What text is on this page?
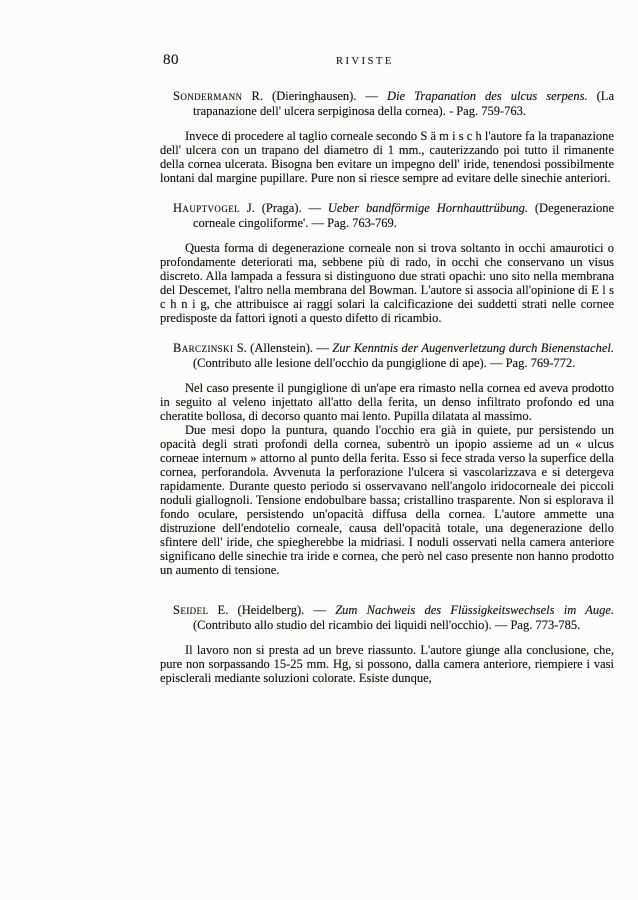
80	RIVISTE

Sondermann R. (Dieringhausen). — Die Trapanation des ulcus serpens. (La trapanazione dell' ulcera serpiginosa della cornea). - Pag. 759-763.

Invece di procedere al taglio corneale secondo S ä m i s c h l'autore fa la trapanazione dell' ulcera con un trapano del diametro di 1 mm., cauterizzando poi tutto il rimanente della cornea ulcerata. Bisogna ben evitare un impegno dell' iride, tenendosi possibilmente lontani dal margine pupillare. Pure non si riesce sempre ad evitare delle sinechie anteriori.

Hauptvogel J. (Praga). — Ueber bandförmige Hornhauttrübung. (Degenerazione corneale cingoliforme'. — Pag. 763-769.

Questa forma di degenerazione corneale non si trova soltanto in occhi amaurotici o profondamente deteriorati ma, sebbene più di rado, in occhi che conservano un visus discreto. Alla lampada a fessura si distinguono due strati opachi: uno sito nella membrana del Descemet, l'altro nella membrana del Bowman. L'autore si associa all'opinione di E l s c h n i g, che attribuisce ai raggi solari la calcificazione dei suddetti strati nelle cornee predisposte da fattori ignoti a questo difetto di ricambio.

Barczinski S. (Allenstein). — Zur Kenntnis der Augenverletzung durch Bienenstachel. (Contributo alle lesione dell'occhio da pungiglione di ape). — Pag. 769-772.

Nel caso presente il pungiglione di un'ape era rimasto nella cornea ed aveva prodotto in seguito al veleno injettato all'atto della ferita, un denso infiltrato profondo ed una cheratite bollosa, di decorso quanto mai lento. Pupilla dilatata al massimo.

Due mesi dopo la puntura, quando l'occhio era già in quiete, pur persistendo un opacità degli strati profondi della cornea, subentrò un ipopio assieme ad un « ulcus corneae internum » attorno al punto della ferita. Esso si fece strada verso la superfice della cornea, perforandola. Avvenuta la perforazione l'ulcera si vascolarizzava e si detergeva rapidamente. Durante questo periodo si osservavano nell'angolo iridocorneale dei piccoli noduli giallognoli. Tensione endobulbare bassa; cristallino trasparente. Non si esplorava il fondo oculare, persistendo un'opacità diffusa della cornea. L'autore ammette una distruzione dell'endotelio corneale, causa dell'opacità totale, una degenerazione dello sfintere dell' iride, che spiegherebbe la midriasi. I noduli osservati nella camera anteriore significano delle sinechie tra iride e cornea, che però nel caso presente non hanno prodotto un aumento di tensione.

Seidel E. (Heidelberg). — Zum Nachweis des Flüssigkeitswechsels im Auge. (Contributo allo studio del ricambio dei liquidi nell'occhio). — Pag. 773-785.

Il lavoro non si presta ad un breve riassunto. L'autore giunge alla conclusione, che, pure non sorpassando 15-25 mm. Hg, si possono, dalla camera anteriore, riempiere i vasi episclerali mediante soluzioni colorate. Esiste dunque,
